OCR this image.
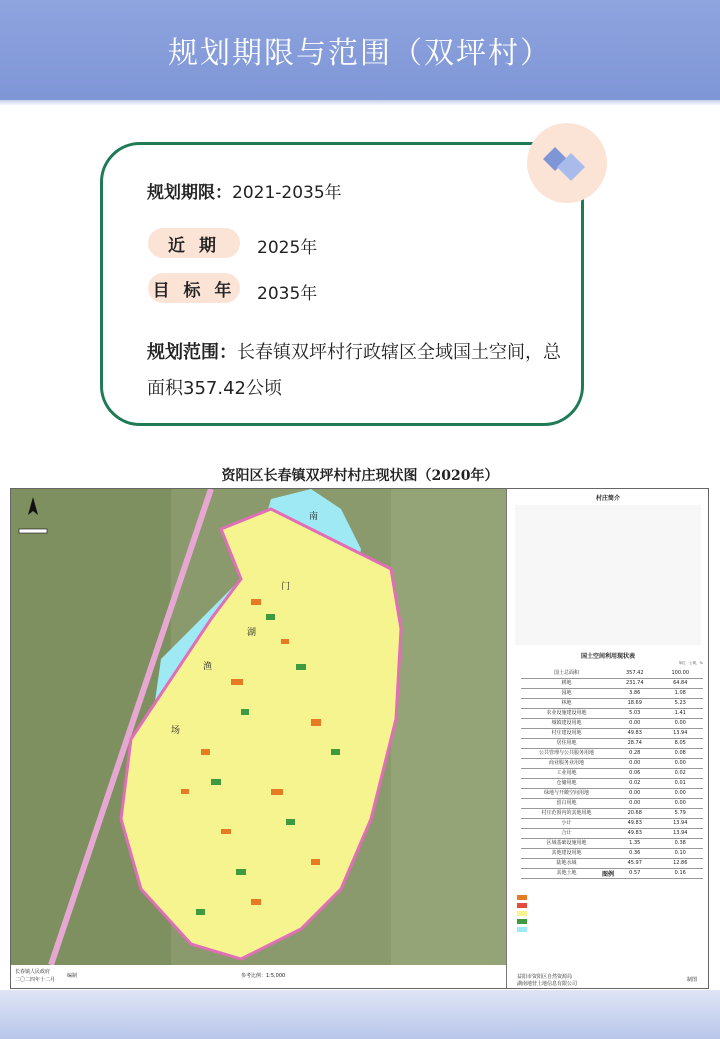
规划期限与范围（双坪村）
规划期限：2021-2035年
近 期	2025年
目 标 年 2035年
规划范围：长春镇双坪村行政辖区全域国土空间，总面积357.42公顷
资阳区长春镇双坪村村庄现状图（2020年）
南
门
湖
渔
场
村庄简介
国土空间利用现状表
单位：公顷，%
国土总面积	357.42	100.00
耕地	231.74	64.84
园地	3.86	1.08
林地	18.69	5.23
农业设施建设用地	5.03	1.41
城镇建设用地	0.00	0.00
村庄建设用地	49.83	13.94
居住用地	28.74	8.05
公共管理与公共服务用地	0.28	0.08
商业服务业用地	0.00	0.00
工业用地	0.06	0.02
仓储用地	0.02	0.01
绿地与开敞空间用地	0.00	0.00
留白用地	0.00	0.00
村庄范围内的其他用地	20.68	5.79
小计	49.83	13.94
合计	49.83	13.94
区域基础设施用地	1.35	0.38
其他建设用地	0.36	0.10
陆地水域	45.97	12.86
其他土地	0.57	0.16
图例
益阳市资阳区自然资源局
湖南地营土地信息有限公司
制图
长春镇人民政府
二〇二四年十二月
编制	参考比例：1:5,000
